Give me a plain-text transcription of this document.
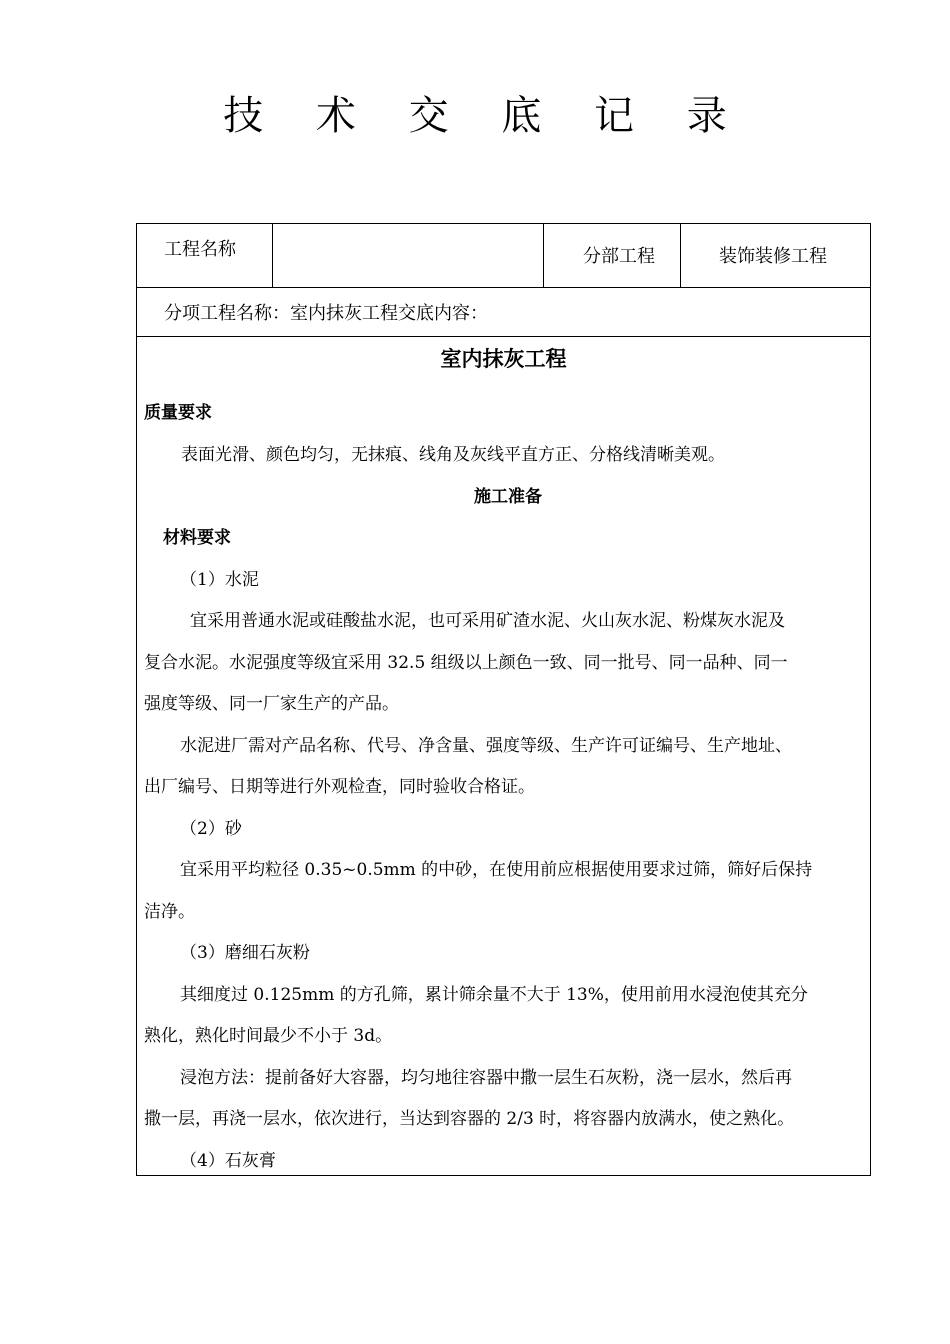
技 术 交 底 记 录
工程名称	分部工程	装饰装修工程
分项工程名称：室内抹灰工程交底内容：
室内抹灰工程
质量要求
表面光滑、颜色均匀，无抹痕、线角及灰线平直方正、分格线清晰美观。
施工准备
材料要求
（1）水泥
宜采用普通水泥或硅酸盐水泥，也可采用矿渣水泥、火山灰水泥、粉煤灰水泥及
复合水泥。水泥强度等级宜采用 32.5 组级以上颜色一致、同一批号、同一品种、同一
强度等级、同一厂家生产的产品。
水泥进厂需对产品名称、代号、净含量、强度等级、生产许可证编号、生产地址、
出厂编号、日期等进行外观检查，同时验收合格证。
（2）砂
宜采用平均粒径 0.35~0.5mm 的中砂，在使用前应根据使用要求过筛，筛好后保持
洁净。
（3）磨细石灰粉
其细度过 0.125mm 的方孔筛，累计筛余量不大于 13%，使用前用水浸泡使其充分
熟化，熟化时间最少不小于 3d。
浸泡方法：提前备好大容器，均匀地往容器中撒一层生石灰粉，浇一层水，然后再
撒一层，再浇一层水，依次进行，当达到容器的 2/3 时，将容器内放满水，使之熟化。
（4）石灰膏
